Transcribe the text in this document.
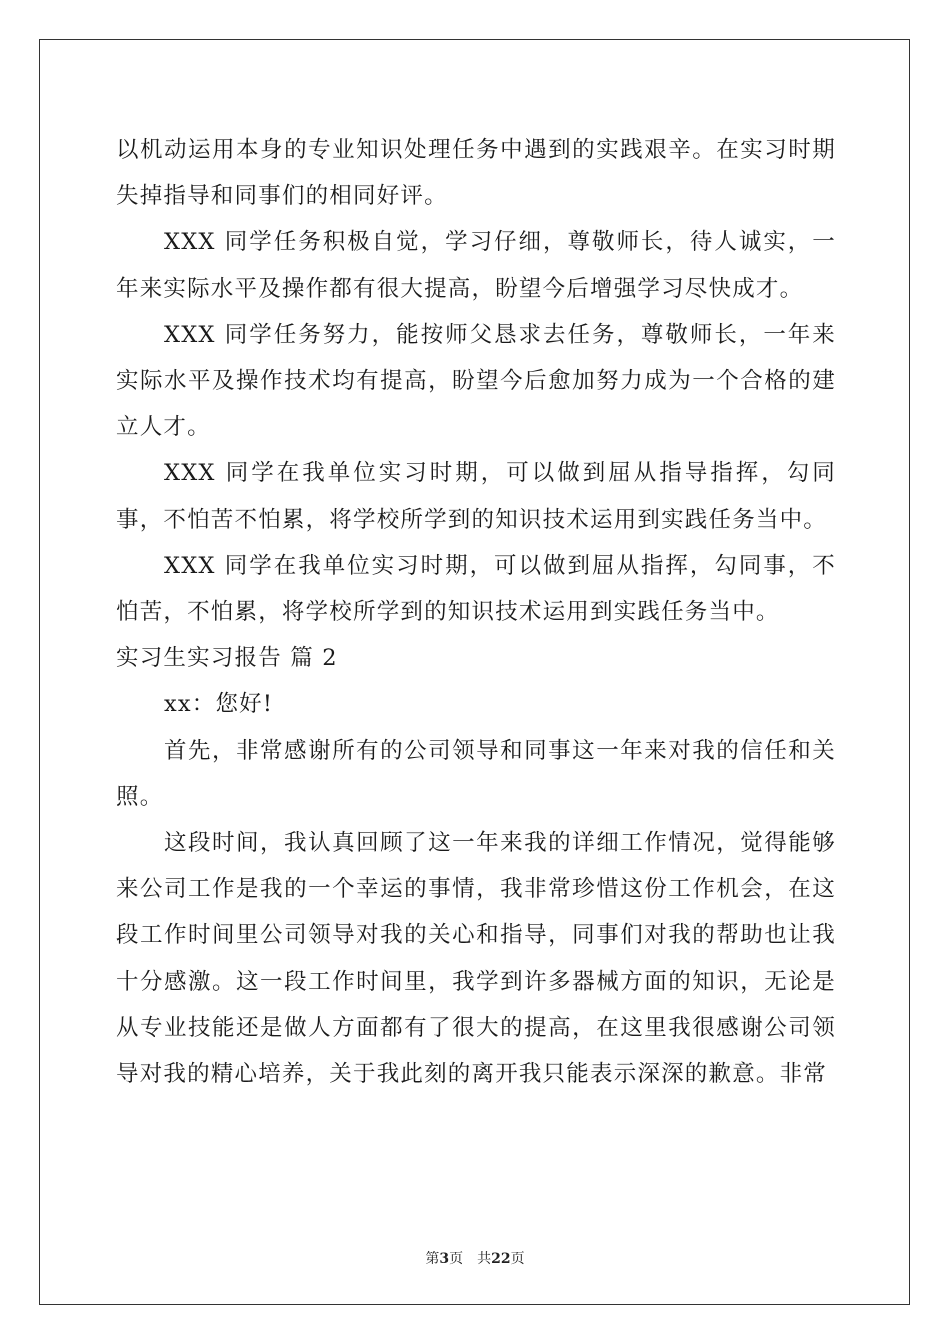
以机动运用本身的专业知识处理任务中遇到的实践艰辛。在实习时期失掉指导和同事们的相同好评。

XXX 同学任务积极自觉，学习仔细，尊敬师长，待人诚实，一年来实际水平及操作都有很大提高，盼望今后增强学习尽快成才。

XXX 同学任务努力，能按师父恳求去任务，尊敬师长，一年来实际水平及操作技术均有提高，盼望今后愈加努力成为一个合格的建立人才。

XXX 同学在我单位实习时期，可以做到屈从指导指挥，勾同事，不怕苦不怕累，将学校所学到的知识技术运用到实践任务当中。

XXX 同学在我单位实习时期，可以做到屈从指挥，勾同事，不怕苦，不怕累，将学校所学到的知识技术运用到实践任务当中。

实习生实习报告 篇 2

xx：您好!

首先，非常感谢所有的公司领导和同事这一年来对我的信任和关照。

这段时间，我认真回顾了这一年来我的详细工作情况，觉得能够来公司工作是我的一个幸运的事情，我非常珍惜这份工作机会，在这段工作时间里公司领导对我的关心和指导，同事们对我的帮助也让我十分感激。这一段工作时间里，我学到许多器械方面的知识，无论是从专业技能还是做人方面都有了很大的提高，在这里我很感谢公司领导对我的精心培养，关于我此刻的离开我只能表示深深的歉意。非常

第3页　共22页
